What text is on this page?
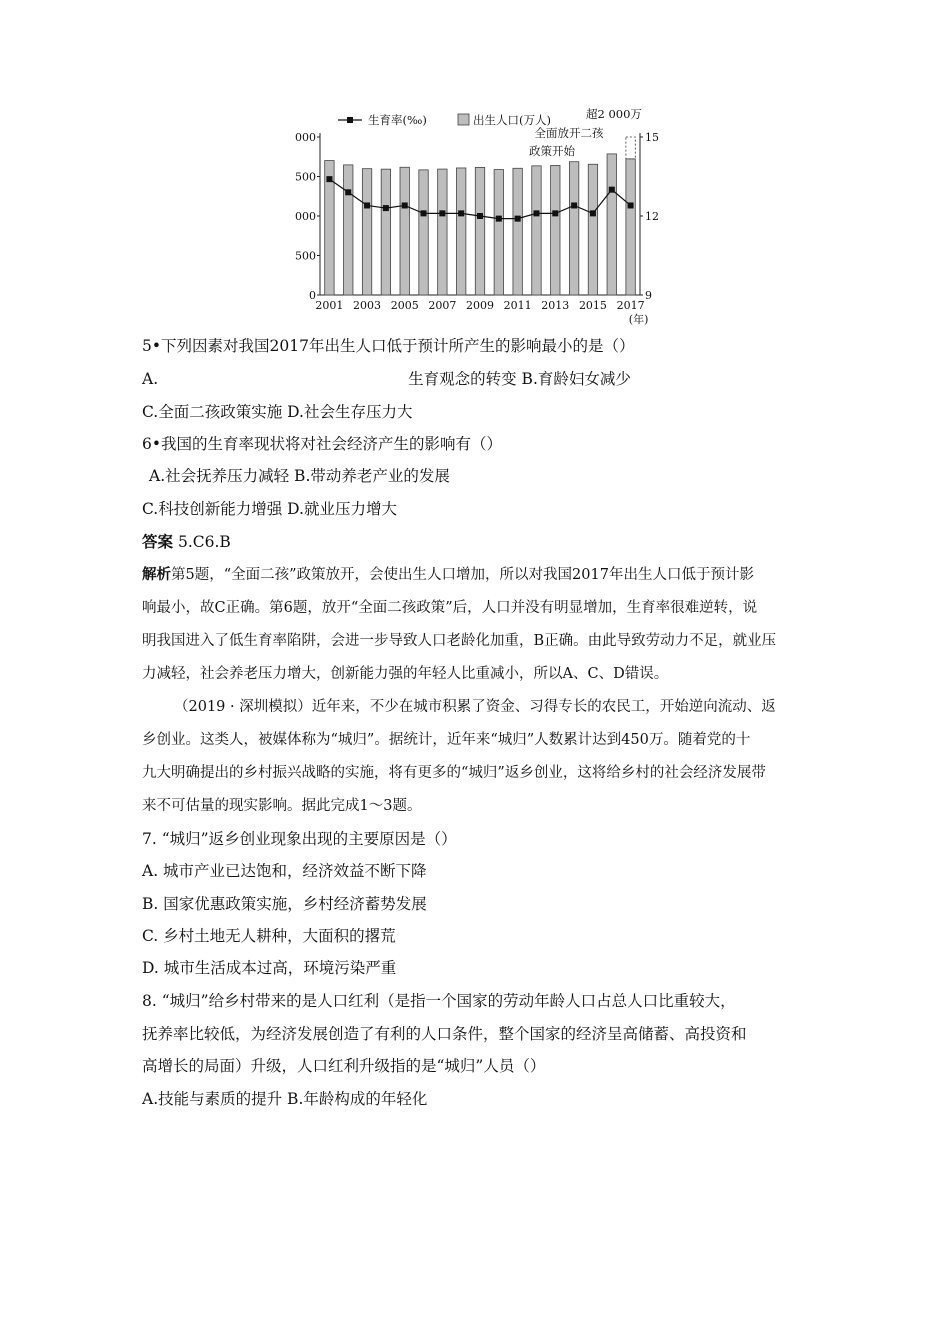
0
500
000
500
000
9
12
15
2001 2003 2005 2007 2009 2011 2013 2015 2017
(年)
生育率(‰)	出生人口(万人)	超2 000万
全面放开二孩
政策开始
5•下列因素对我国2017年出生人口低于预计所产生的影响最小的是（）
A.	生育观念的转变 B.育龄妇女减少
C.全面二孩政策实施 D.社会生存压力大
6•我国的生育率现状将对社会经济产生的影响有（）
A.社会抚养压力减轻 B.带动养老产业的发展
C.科技创新能力增强 D.就业压力增大
答案 5.C6.B
解析第5题，“全面二孩”政策放开，会使出生人口增加，所以对我国2017年出生人口低于预计影
响最小，故C正确。第6题，放开“全面二孩政策”后，人口并没有明显增加，生育率很难逆转，说
明我国进入了低生育率陷阱，会进一步导致人口老龄化加重，B正确。由此导致劳动力不足，就业压
力减轻，社会养老压力增大，创新能力强的年轻人比重减小，所以A、C、D错误。
（2019 · 深圳模拟）近年来，不少在城市积累了资金、习得专长的农民工，开始逆向流动、返
乡创业。这类人，被媒体称为“城归”。据统计，近年来“城归”人数累计达到450万。随着党的十
九大明确提出的乡村振兴战略的实施，将有更多的“城归”返乡创业，这将给乡村的社会经济发展带
来不可估量的现实影响。据此完成1〜3题。
7. “城归”返乡创业现象出现的主要原因是（）
A. 城市产业已达饱和，经济效益不断下降
B. 国家优惠政策实施，乡村经济蓄势发展
C. 乡村土地无人耕种，大面积的撂荒
D. 城市生活成本过高，环境污染严重
8. “城归”给乡村带来的是人口红利（是指一个国家的劳动年龄人口占总人口比重较大，
抚养率比较低，为经济发展创造了有利的人口条件，整个国家的经济呈高储蓄、高投资和
高增长的局面）升级，人口红利升级指的是“城归”人员（）
A.技能与素质的提升 B.年龄构成的年轻化
